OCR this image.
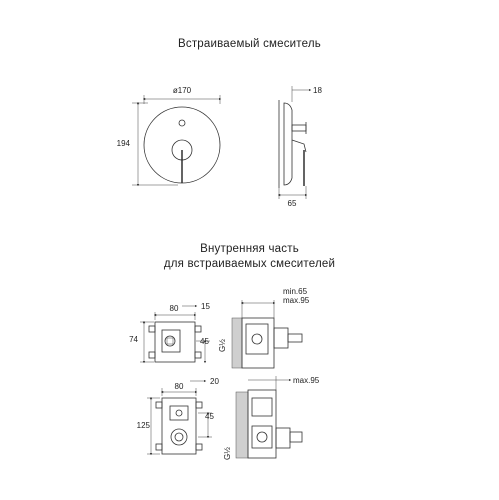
Встраиваемый смеситель
Внутренняя часть
для встраиваемых смесителей
ø170
194
18
65
80	15
74	45
min.65
max.95
G½
80
20
125
45
max.95
G½
